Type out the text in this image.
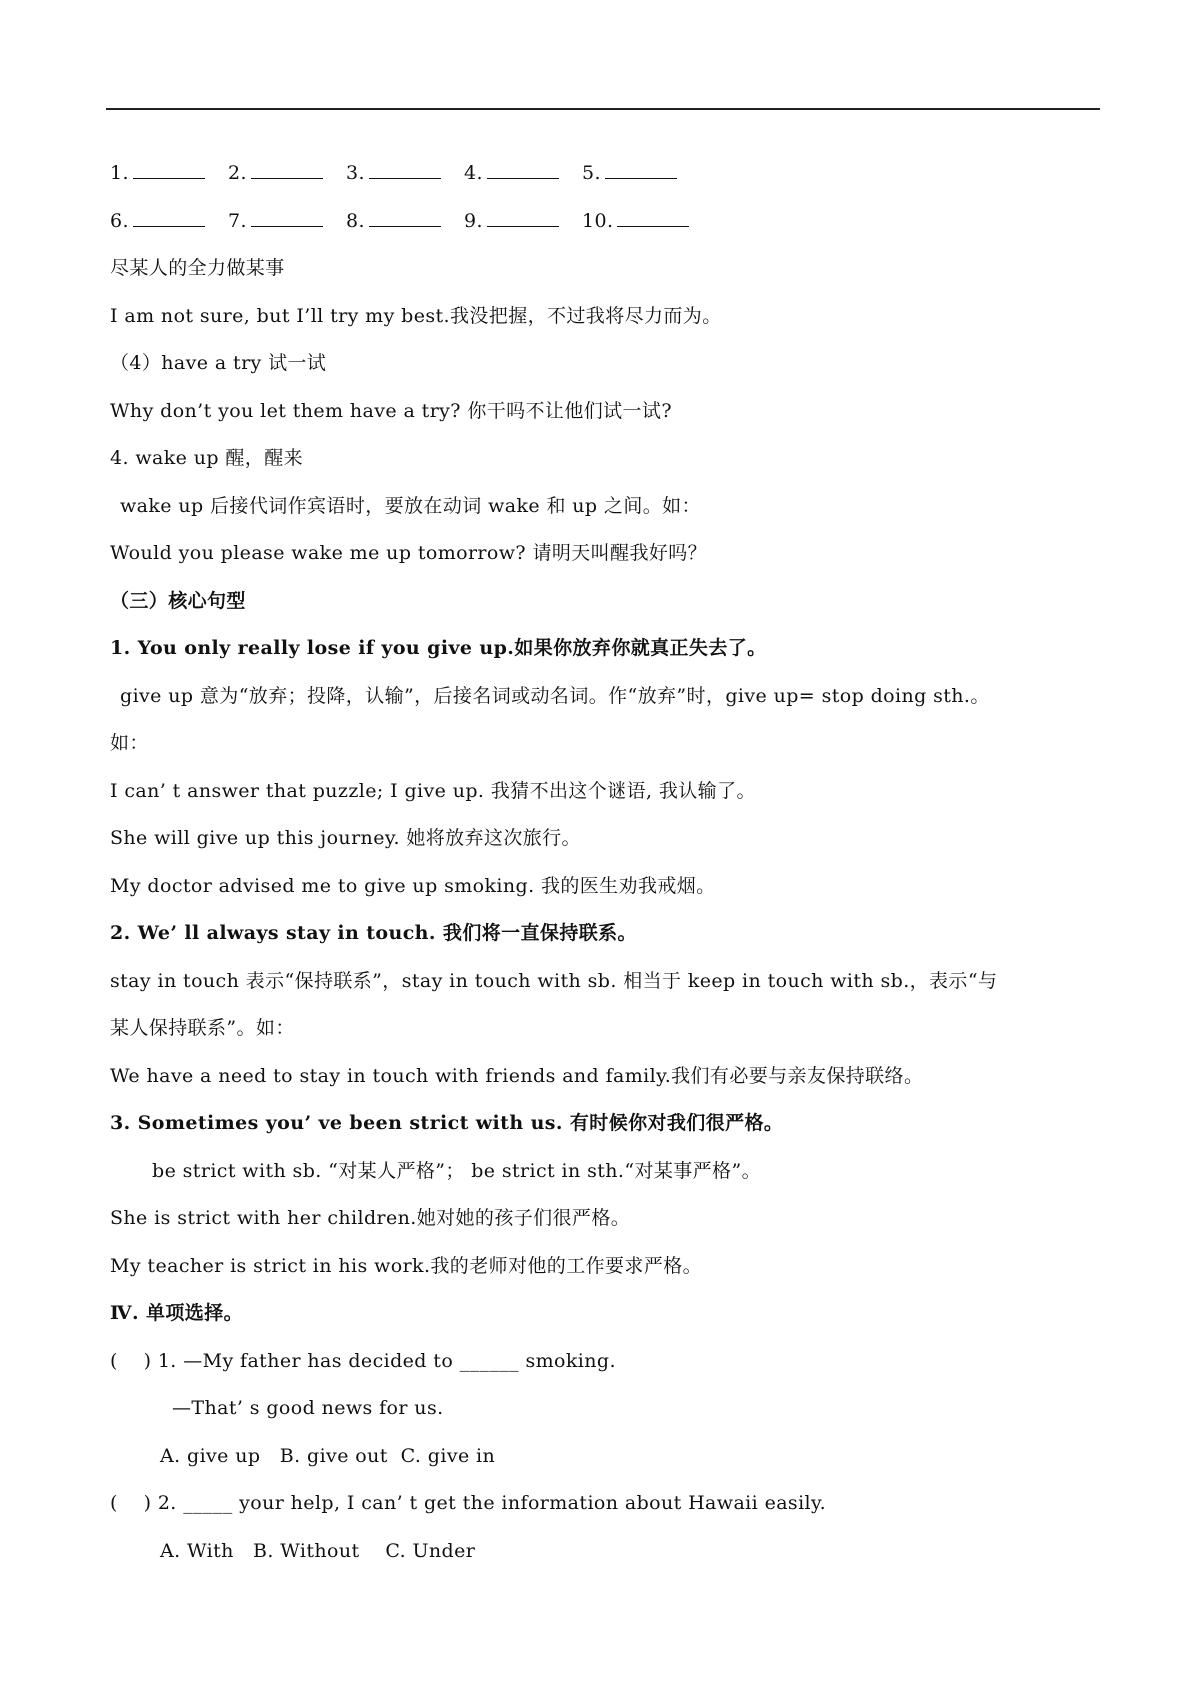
1.	2.	3.	4.	5.
6.	7.	8.	9.	10.
尽某人的全力做某事
I am not sure, but I’ll try my best.我没把握，不过我将尽力而为。
（4）have a try 试一试
Why don’t you let them have a try? 你干吗不让他们试一试?
4. wake up 醒，醒来
wake up 后接代词作宾语时，要放在动词 wake 和 up 之间。如：
Would you please wake me up tomorrow? 请明天叫醒我好吗？
（三）核心句型
1. You only really lose if you give up.如果你放弃你就真正失去了。
give up 意为“放弃；投降，认输”，后接名词或动名词。作“放弃”时，give up= stop doing sth.。
如：
I can’ t answer that puzzle; I give up. 我猜不出这个谜语, 我认输了。
She will give up this journey. 她将放弃这次旅行。
My doctor advised me to give up smoking. 我的医生劝我戒烟。
2. We’ ll always stay in touch. 我们将一直保持联系。
stay in touch 表示“保持联系”，stay in touch with sb. 相当于 keep in touch with sb.，表示“与
某人保持联系”。如：
We have a need to stay in touch with friends and family.我们有必要与亲友保持联络。
3. Sometimes you’ ve been strict with us. 有时候你对我们很严格。
be strict with sb. “对某人严格”； be strict in sth.“对某事严格”。
She is strict with her children.她对她的孩子们很严格。
My teacher is strict in his work.我的老师对他的工作要求严格。
Ⅳ. 单项选择。
(    ) 1. —My father has decided to ______ smoking.
—That’ s good news for us.
A. give up   B. give out  C. give in
(    ) 2. _____ your help, I can’ t get the information about Hawaii easily.
A. With   B. Without    C. Under
